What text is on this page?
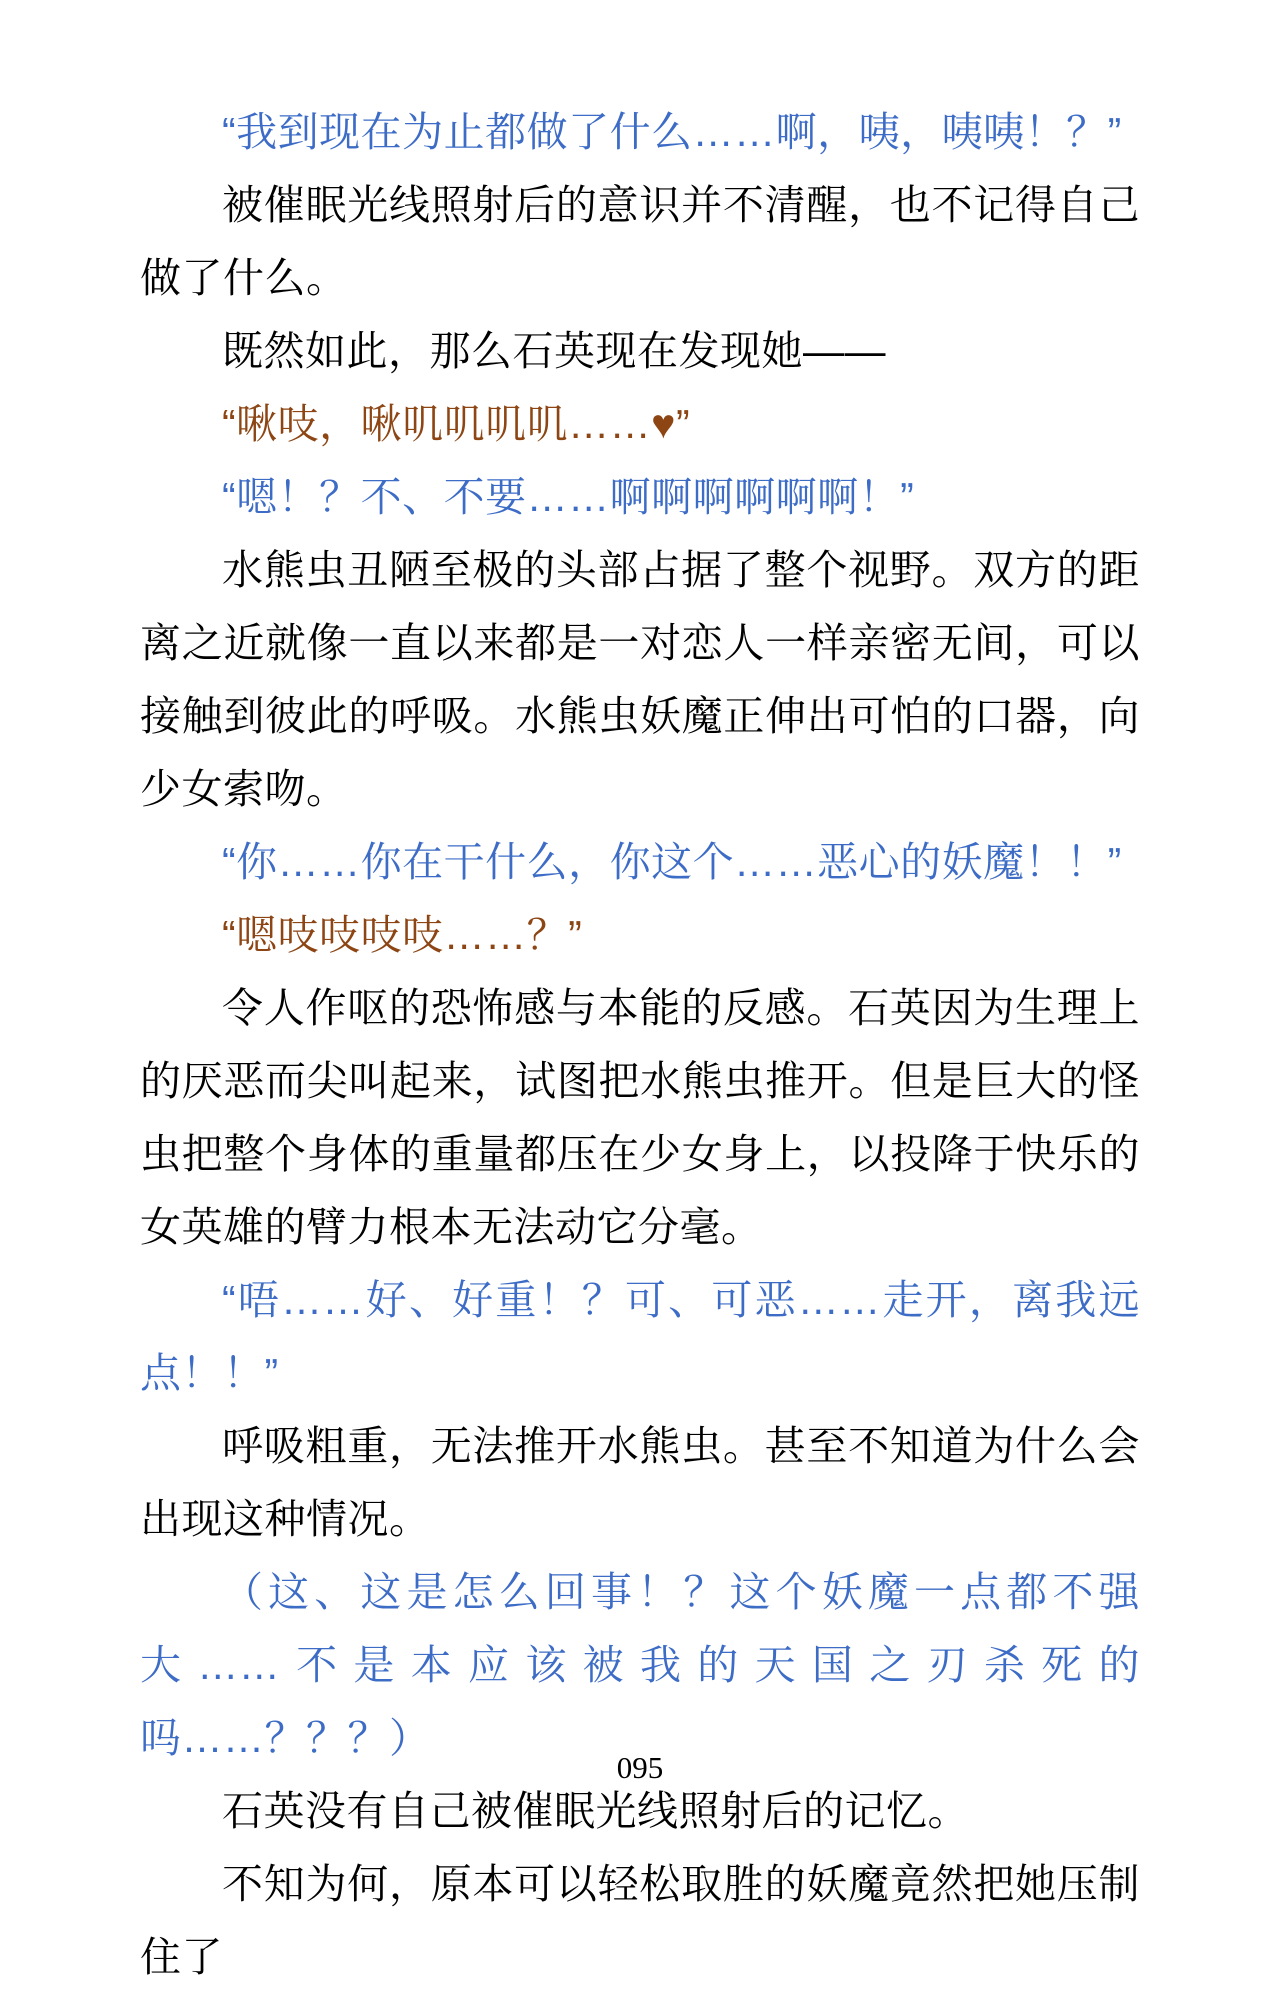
“我到现在为止都做了什么……啊，咦，咦咦！？”

被催眠光线照射后的意识并不清醒，也不记得自己做了什么。

既然如此，那么石英现在发现她——

“啾吱，啾叽叽叽叽……♥”

“嗯！？不、不要……啊啊啊啊啊啊！”

水熊虫丑陋至极的头部占据了整个视野。双方的距离之近就像一直以来都是一对恋人一样亲密无间，可以接触到彼此的呼吸。水熊虫妖魔正伸出可怕的口器，向少女索吻。

“你……你在干什么，你这个……恶心的妖魔！！”

“嗯吱吱吱吱……？”

令人作呕的恐怖感与本能的反感。石英因为生理上的厌恶而尖叫起来，试图把水熊虫推开。但是巨大的怪虫把整个身体的重量都压在少女身上，以投降于快乐的女英雄的臂力根本无法动它分毫。

“唔……好、好重！？可、可恶……走开，离我远点！！”

呼吸粗重，无法推开水熊虫。甚至不知道为什么会出现这种情况。

（这、这是怎么回事！？这个妖魔一点都不强大……不是本应该被我的天国之刃杀死的吗……？？？）

石英没有自己被催眠光线照射后的记忆。

不知为何，原本可以轻松取胜的妖魔竟然把她压制住了

095
